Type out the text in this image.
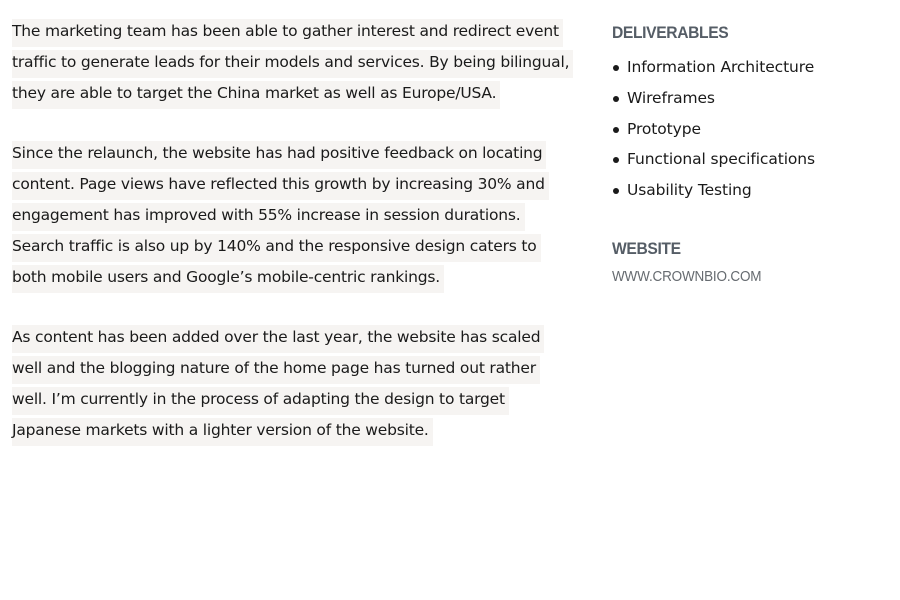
The marketing team has been able to gather interest and redirect event traffic to generate leads for their models and services. By being bilingual, they are able to target the China market as well as Europe/USA.

Since the relaunch, the website has had positive feedback on locating content. Page views have reflected this growth by increasing 30% and engagement has improved with 55% increase in session durations. Search traffic is also up by 140% and the responsive design caters to both mobile users and Google’s mobile-centric rankings.

As content has been added over the last year, the website has scaled well and the blogging nature of the home page has turned out rather well. I’m currently in the process of adapting the design to target Japanese markets with a lighter version of the website.

DELIVERABLES
Information Architecture
Wireframes
Prototype
Functional specifications
Usability Testing
WEBSITE
WWW.CROWNBIO.COM
